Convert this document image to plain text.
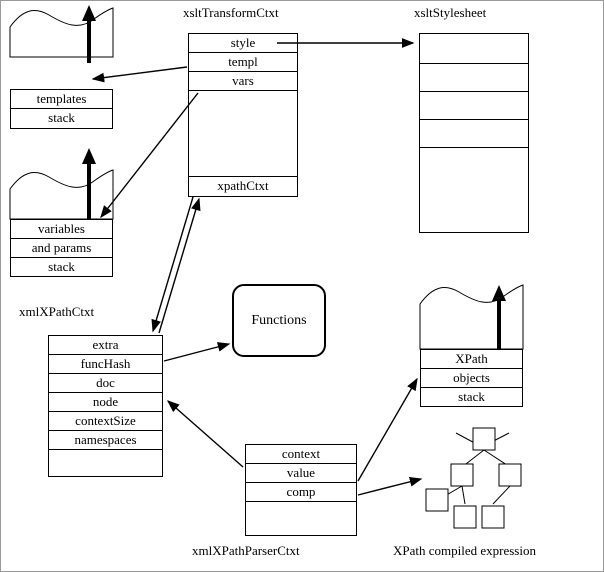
xsltTransformCtxt	xsltStylesheet
xmlXPathCtxt
xmlXPathParserCtxt	XPath compiled expression
templates
stack
variables
and params
stack
style
templ
vars
xpathCtxt
extra
funcHash
doc
node
contextSize
namespaces
Functions
XPath
objects
stack
context
value
comp
